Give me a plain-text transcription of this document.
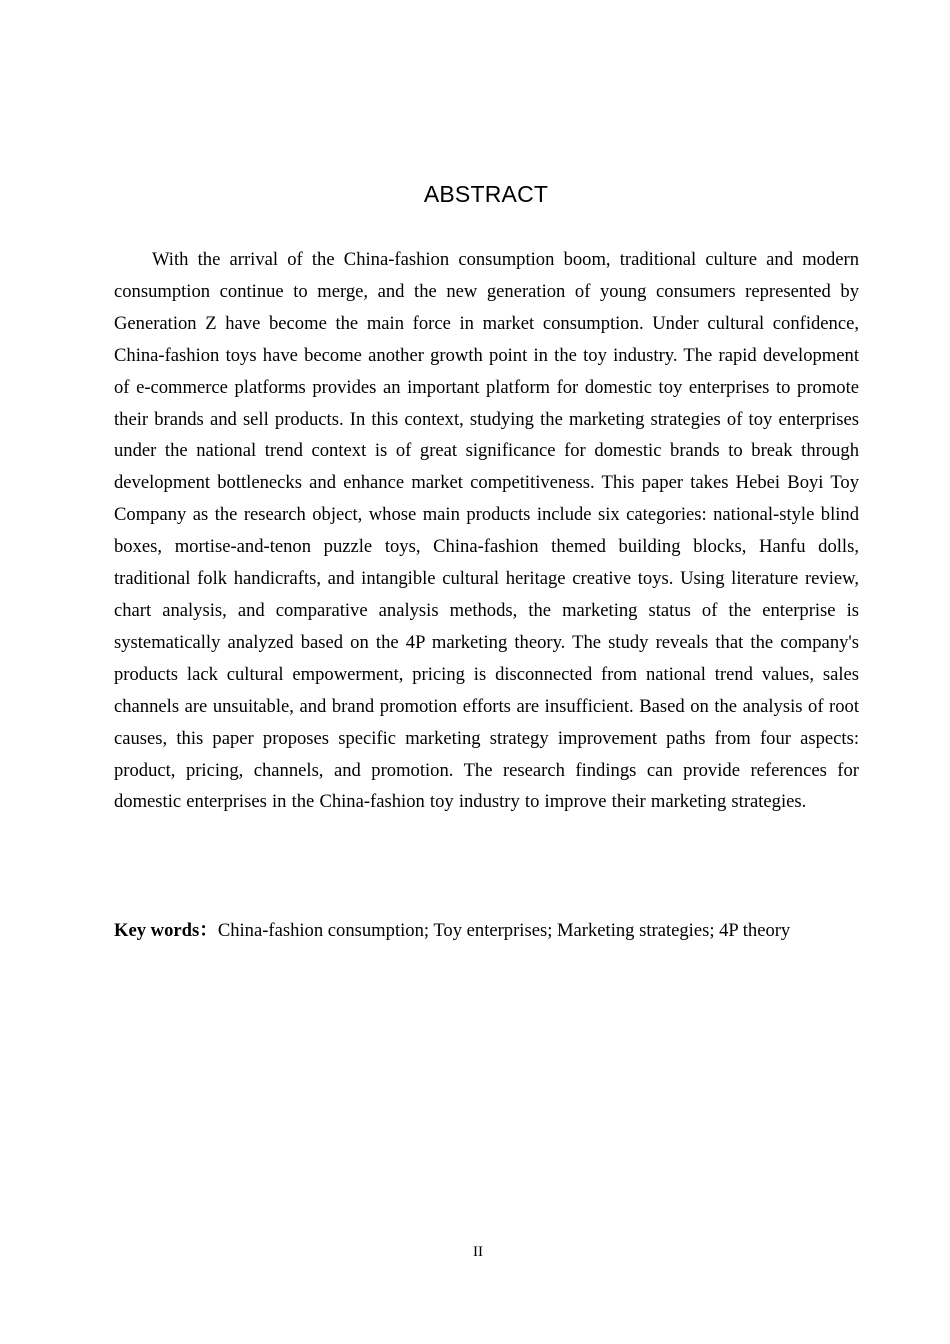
ABSTRACT

With the arrival of the China-fashion consumption boom, traditional culture and modern consumption continue to merge, and the new generation of young consumers represented by Generation Z have become the main force in market consumption. Under cultural confidence, China-fashion toys have become another growth point in the toy industry. The rapid development of e-commerce platforms provides an important platform for domestic toy enterprises to promote their brands and sell products. In this context, studying the marketing strategies of toy enterprises under the national trend context is of great significance for domestic brands to break through development bottlenecks and enhance market competitiveness. This paper takes Hebei Boyi Toy Company as the research object, whose main products include six categories: national-style blind boxes, mortise-and-tenon puzzle toys, China-fashion themed building blocks, Hanfu dolls, traditional folk handicrafts, and intangible cultural heritage creative toys. Using literature review, chart analysis, and comparative analysis methods, the marketing status of the enterprise is systematically analyzed based on the 4P marketing theory. The study reveals that the company's products lack cultural empowerment, pricing is disconnected from national trend values, sales channels are unsuitable, and brand promotion efforts are insufficient. Based on the analysis of root causes, this paper proposes specific marketing strategy improvement paths from four aspects: product, pricing, channels, and promotion. The research findings can provide references for domestic enterprises in the China-fashion toy industry to improve their marketing strategies.

Key words：China-fashion consumption; Toy enterprises; Marketing strategies; 4P theory

II
